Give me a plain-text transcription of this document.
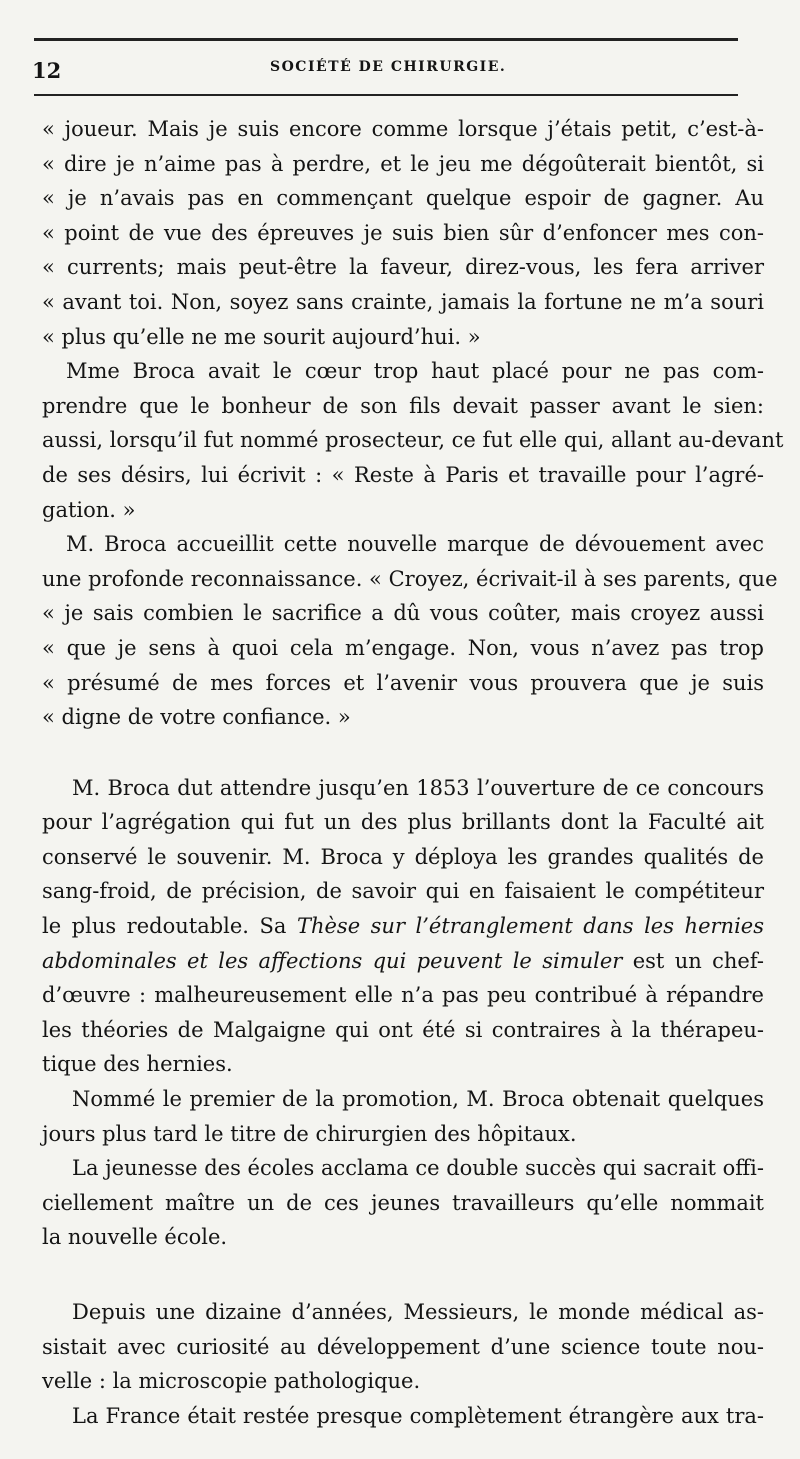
12	SOCIÉTÉ DE CHIRURGIE.
« joueur. Mais je suis encore comme lorsque j’étais petit, c’est-à-
« dire je n’aime pas à perdre, et le jeu me dégoûterait bientôt, si
« je n’avais pas en commençant quelque espoir de gagner. Au
« point de vue des épreuves je suis bien sûr d’enfoncer mes con-
« currents; mais peut-être la faveur, direz-vous, les fera arriver
« avant toi. Non, soyez sans crainte, jamais la fortune ne m’a souri
« plus qu’elle ne me sourit aujourd’hui. »
Mme Broca avait le cœur trop haut placé pour ne pas com-
prendre que le bonheur de son fils devait passer avant le sien:
aussi, lorsqu’il fut nommé prosecteur, ce fut elle qui, allant au-devant
de ses désirs, lui écrivit : « Reste à Paris et travaille pour l’agré-
gation. »
M. Broca accueillit cette nouvelle marque de dévouement avec
une profonde reconnaissance. « Croyez, écrivait-il à ses parents, que
« je sais combien le sacrifice a dû vous coûter, mais croyez aussi
« que je sens à quoi cela m’engage. Non, vous n’avez pas trop
« présumé de mes forces et l’avenir vous prouvera que je suis
« digne de votre confiance. »
M. Broca dut attendre jusqu’en 1853 l’ouverture de ce concours
pour l’agrégation qui fut un des plus brillants dont la Faculté ait
conservé le souvenir. M. Broca y déploya les grandes qualités de
sang-froid, de précision, de savoir qui en faisaient le compétiteur
le plus redoutable. Sa Thèse sur l’étranglement dans les hernies
abdominales et les affections qui peuvent le simuler est un chef-
d’œuvre : malheureusement elle n’a pas peu contribué à répandre
les théories de Malgaigne qui ont été si contraires à la thérapeu-
tique des hernies.
Nommé le premier de la promotion, M. Broca obtenait quelques
jours plus tard le titre de chirurgien des hôpitaux.
La jeunesse des écoles acclama ce double succès qui sacrait offi-
ciellement maître un de ces jeunes travailleurs qu’elle nommait
la nouvelle école.
Depuis une dizaine d’années, Messieurs, le monde médical as-
sistait avec curiosité au développement d’une science toute nou-
velle : la microscopie pathologique.
La France était restée presque complètement étrangère aux tra-
